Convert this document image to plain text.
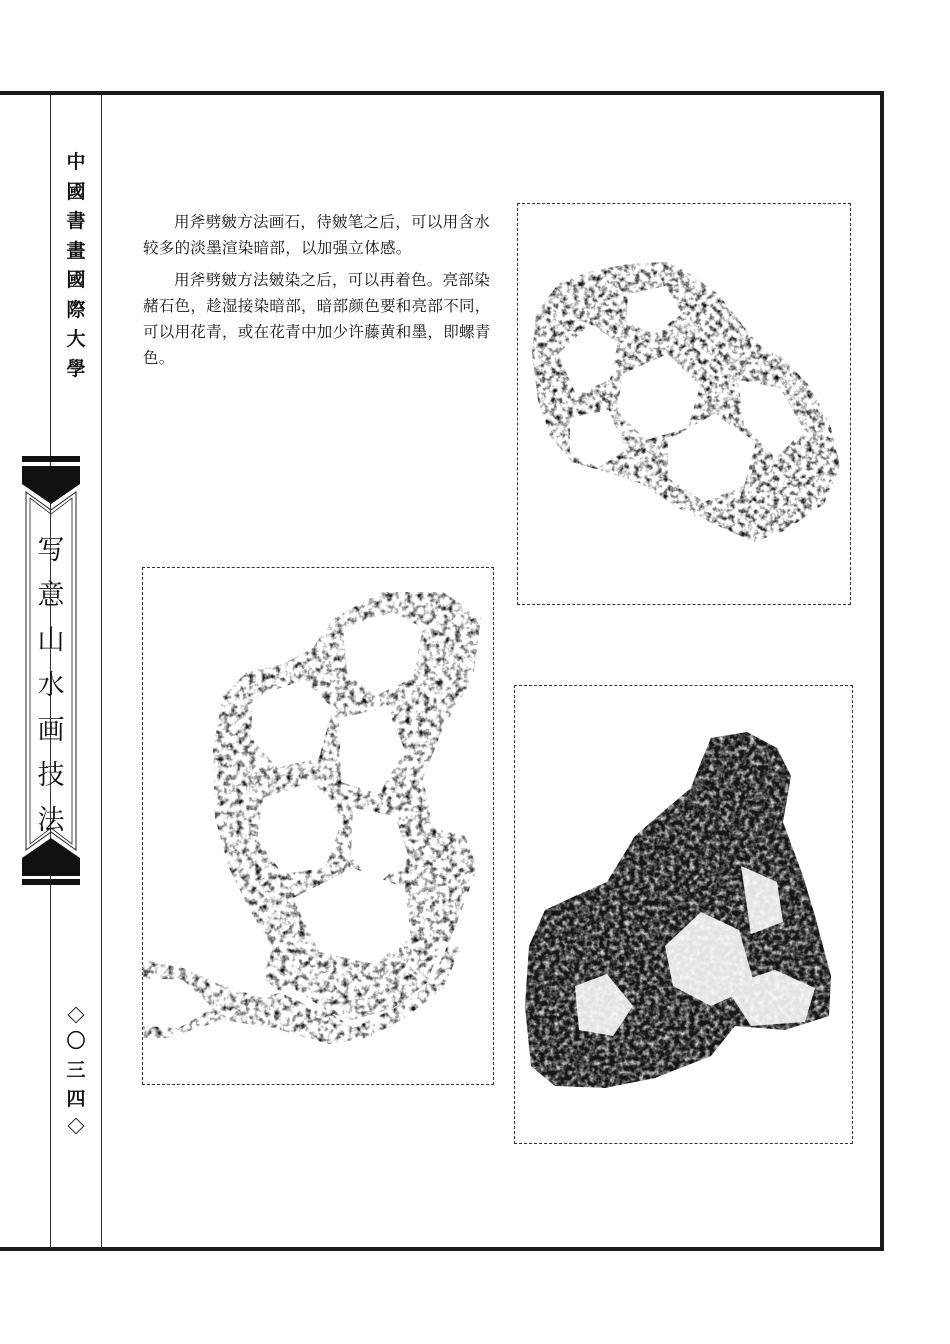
中
國
書
畫
國
際
大
學
写
意
山
水
画
技
法
〇
三
四

用斧劈皴方法画石，待皴笔之后，可以用含水较多的淡墨渲染暗部，以加强立体感。

用斧劈皴方法皴染之后，可以再着色。亮部染赭石色，趁湿接染暗部，暗部颜色要和亮部不同，可以用花青，或在花青中加少许藤黄和墨，即螺青色。
